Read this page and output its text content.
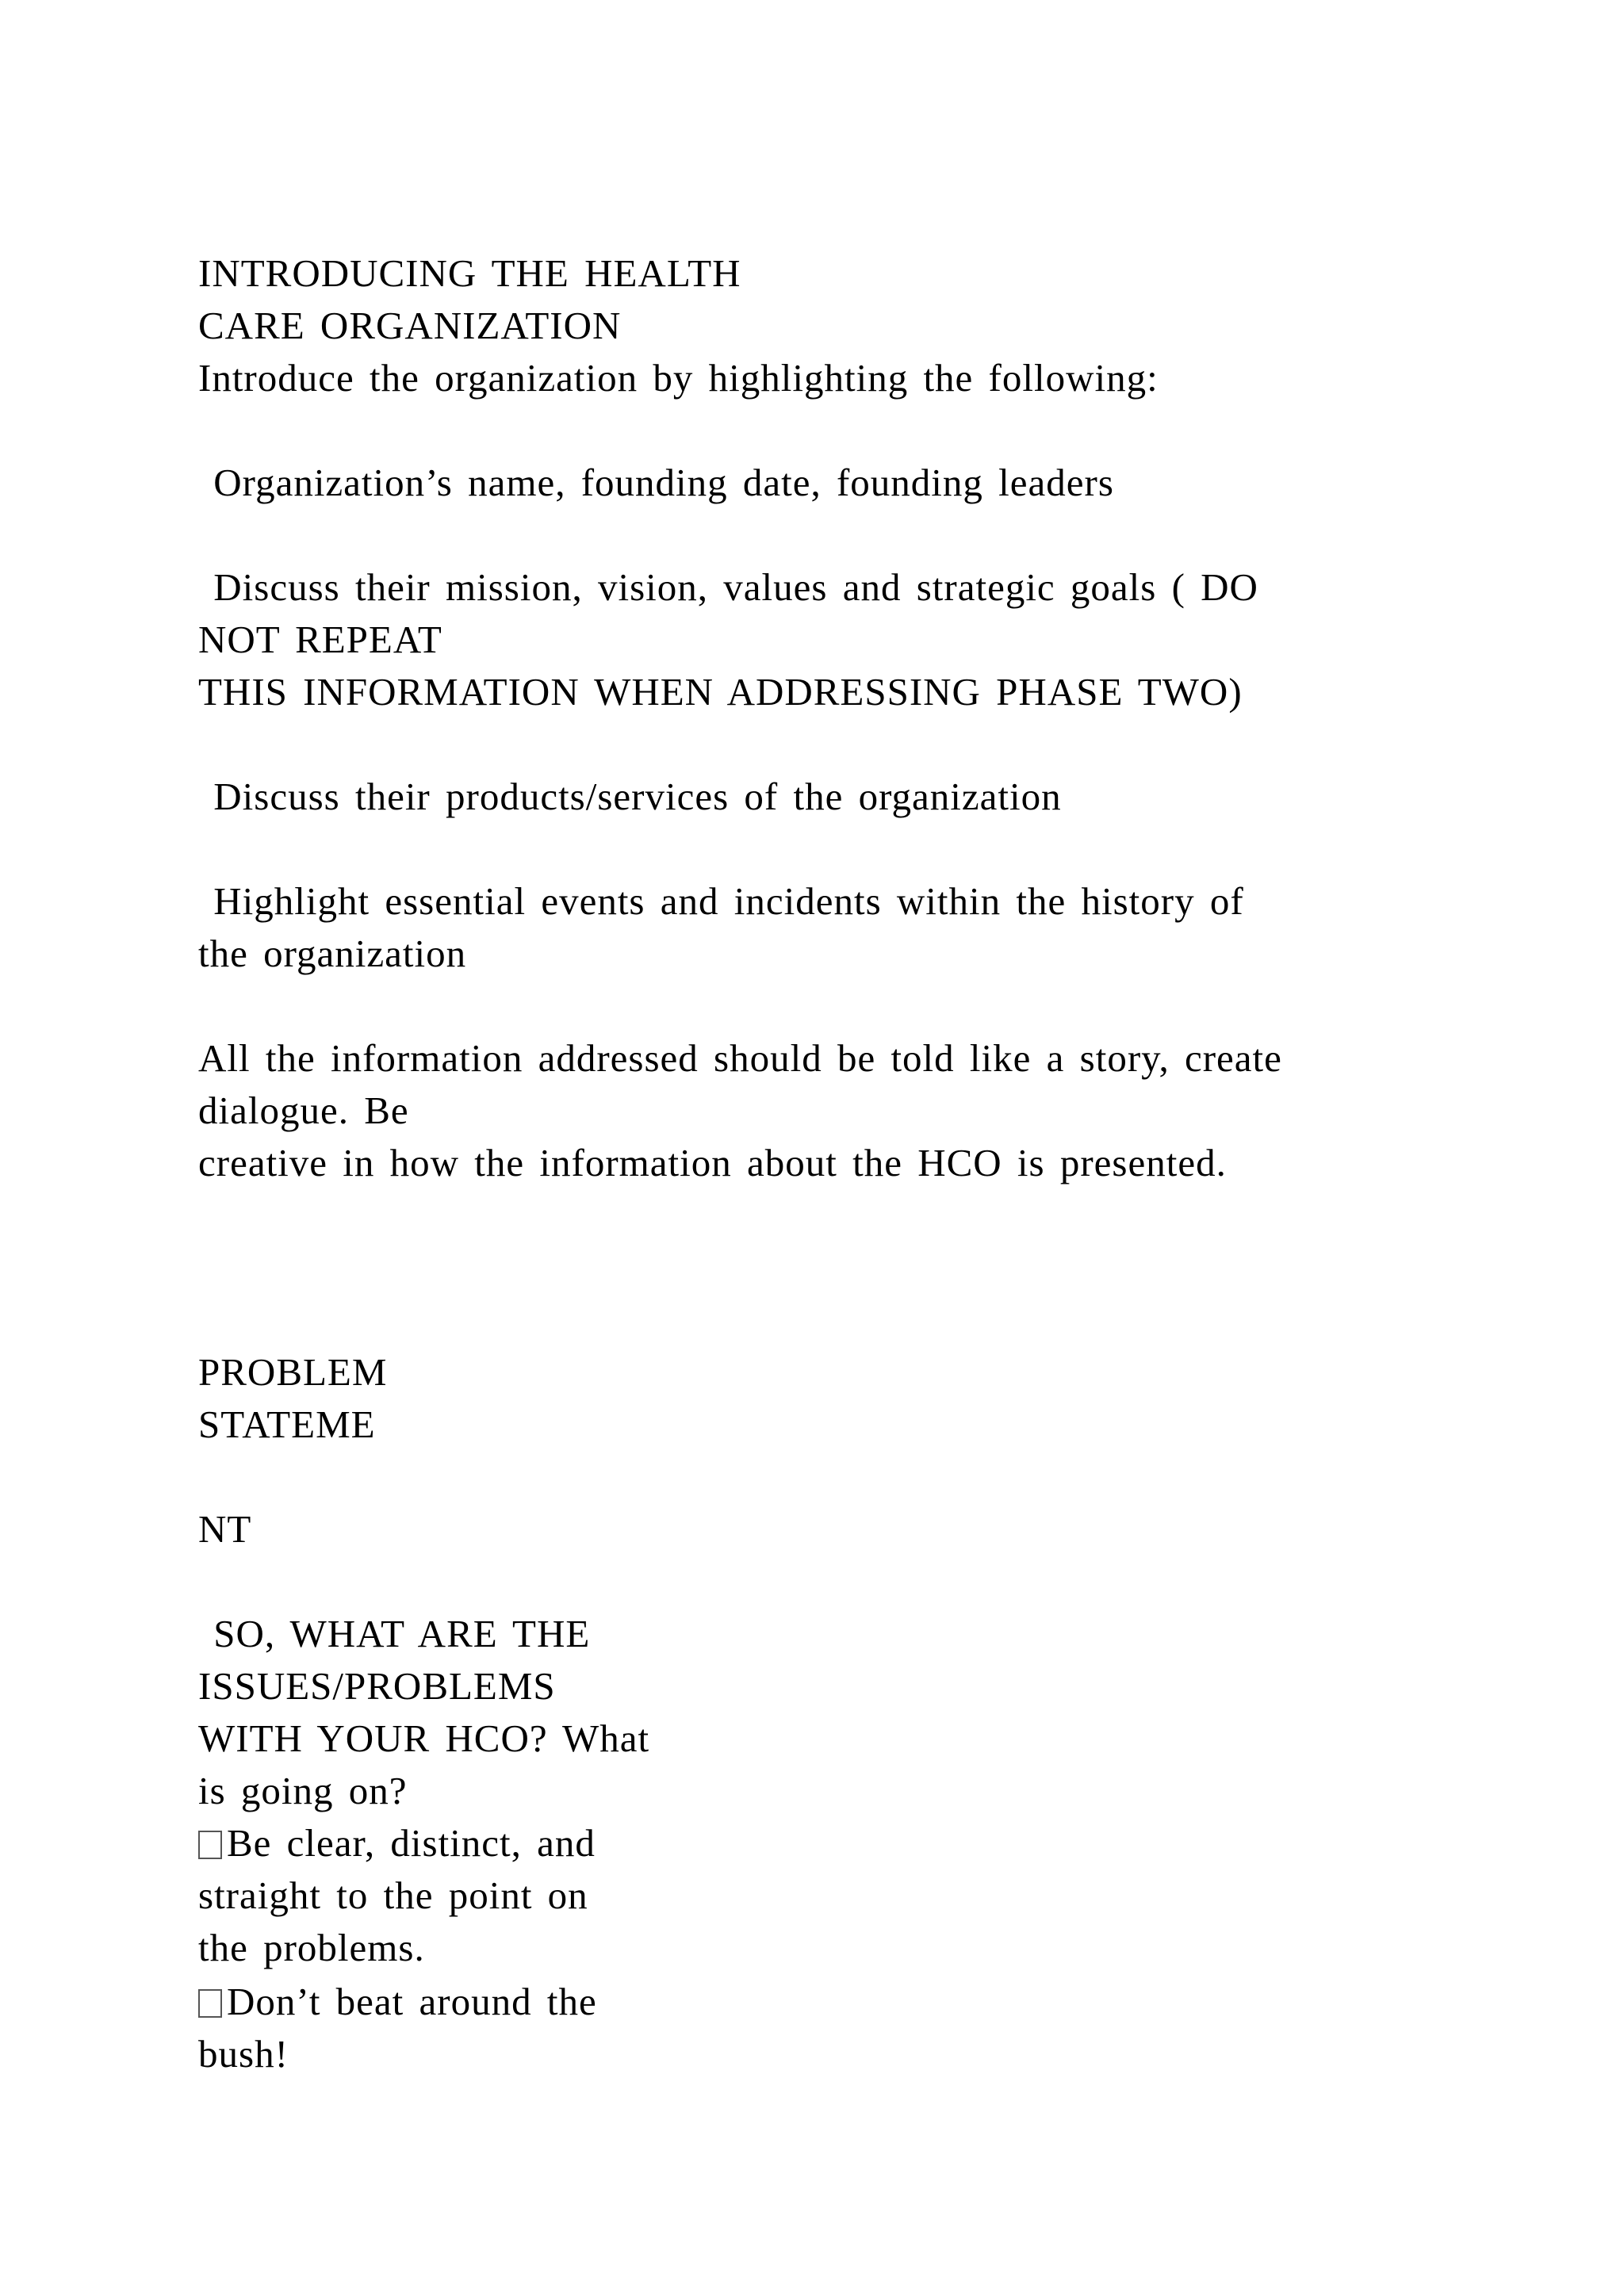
INTRODUCING THE HEALTH
CARE ORGANIZATION
Introduce the organization by highlighting the following:
Organization’s name, founding date, founding leaders
Discuss their mission, vision, values and strategic goals ( DO
NOT REPEAT
THIS INFORMATION WHEN ADDRESSING PHASE TWO)
Discuss their products/services of the organization
Highlight essential events and incidents within the history of
the organization
All the information addressed should be told like a story, create
dialogue. Be
creative in how the information about the HCO is presented.
PROBLEM
STATEME
NT
SO, WHAT ARE THE
ISSUES/PROBLEMS
WITH YOUR HCO? What
is going on?
Be clear, distinct, and
straight to the point on
the problems.
Don’t beat around the
bush!
